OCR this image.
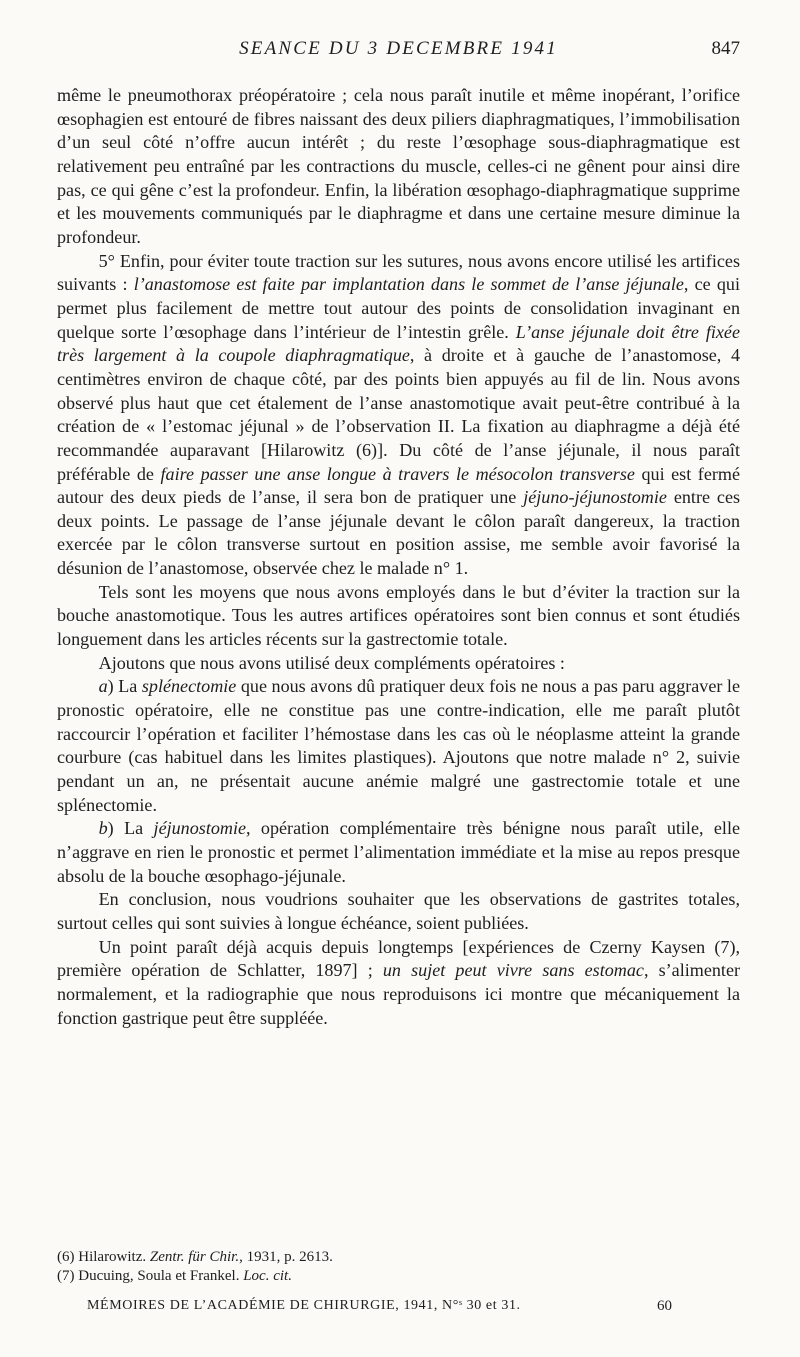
SEANCE DU 3 DECEMBRE 1941	847

même le pneumothorax préopératoire ; cela nous paraît inutile et même inopérant, l’orifice œsophagien est entouré de fibres naissant des deux piliers diaphragmatiques, l’immobilisation d’un seul côté n’offre aucun intérêt ; du reste l’œsophage sous-diaphragmatique est relativement peu entraîné par les contractions du muscle, celles-ci ne gênent pour ainsi dire pas, ce qui gêne c’est la profondeur. Enfin, la libération œsophago-diaphragmatique supprime et les mouvements communiqués par le diaphragme et dans une certaine mesure diminue la profondeur.

5° Enfin, pour éviter toute traction sur les sutures, nous avons encore utilisé les artifices suivants : l’anastomose est faite par implantation dans le sommet de l’anse jéjunale, ce qui permet plus facilement de mettre tout autour des points de consolidation invaginant en quelque sorte l’œsophage dans l’intérieur de l’intestin grêle. L’anse jéjunale doit être fixée très largement à la coupole diaphragmatique, à droite et à gauche de l’anastomose, 4 centimètres environ de chaque côté, par des points bien appuyés au fil de lin. Nous avons observé plus haut que cet étalement de l’anse anastomotique avait peut-être contribué à la création de « l’estomac jéjunal » de l’observation II. La fixation au diaphragme a déjà été recommandée auparavant [Hilarowitz (6)]. Du côté de l’anse jéjunale, il nous paraît préférable de faire passer une anse longue à travers le mésocolon transverse qui est fermé autour des deux pieds de l’anse, il sera bon de pratiquer une jéjuno-jéjunostomie entre ces deux points. Le passage de l’anse jéjunale devant le côlon paraît dangereux, la traction exercée par le côlon transverse surtout en position assise, me semble avoir favorisé la désunion de l’anastomose, observée chez le malade n° 1.

Tels sont les moyens que nous avons employés dans le but d’éviter la traction sur la bouche anastomotique. Tous les autres artifices opératoires sont bien connus et sont étudiés longuement dans les articles récents sur la gastrectomie totale.

Ajoutons que nous avons utilisé deux compléments opératoires :

a) La splénectomie que nous avons dû pratiquer deux fois ne nous a pas paru aggraver le pronostic opératoire, elle ne constitue pas une contre-indication, elle me paraît plutôt raccourcir l’opération et faciliter l’hémostase dans les cas où le néoplasme atteint la grande courbure (cas habituel dans les limites plastiques). Ajoutons que notre malade n° 2, suivie pendant un an, ne présentait aucune anémie malgré une gastrectomie totale et une splénectomie.

b) La jéjunostomie, opération complémentaire très bénigne nous paraît utile, elle n’aggrave en rien le pronostic et permet l’alimentation immédiate et la mise au repos presque absolu de la bouche œsophago-jéjunale.

En conclusion, nous voudrions souhaiter que les observations de gastrites totales, surtout celles qui sont suivies à longue échéance, soient publiées.

Un point paraît déjà acquis depuis longtemps [expériences de Czerny Kaysen (7), première opération de Schlatter, 1897] ; un sujet peut vivre sans estomac, s’alimenter normalement, et la radiographie que nous reproduisons ici montre que mécaniquement la fonction gastrique peut être suppléée.

(6) Hilarowitz. Zentr. für Chir., 1931, p. 2613.
(7) Ducuing, Soula et Frankel. Loc. cit.
MÉMOIRES DE L’ACADÉMIE DE CHIRURGIE, 1941, N°ˢ 30 et 31.	60
